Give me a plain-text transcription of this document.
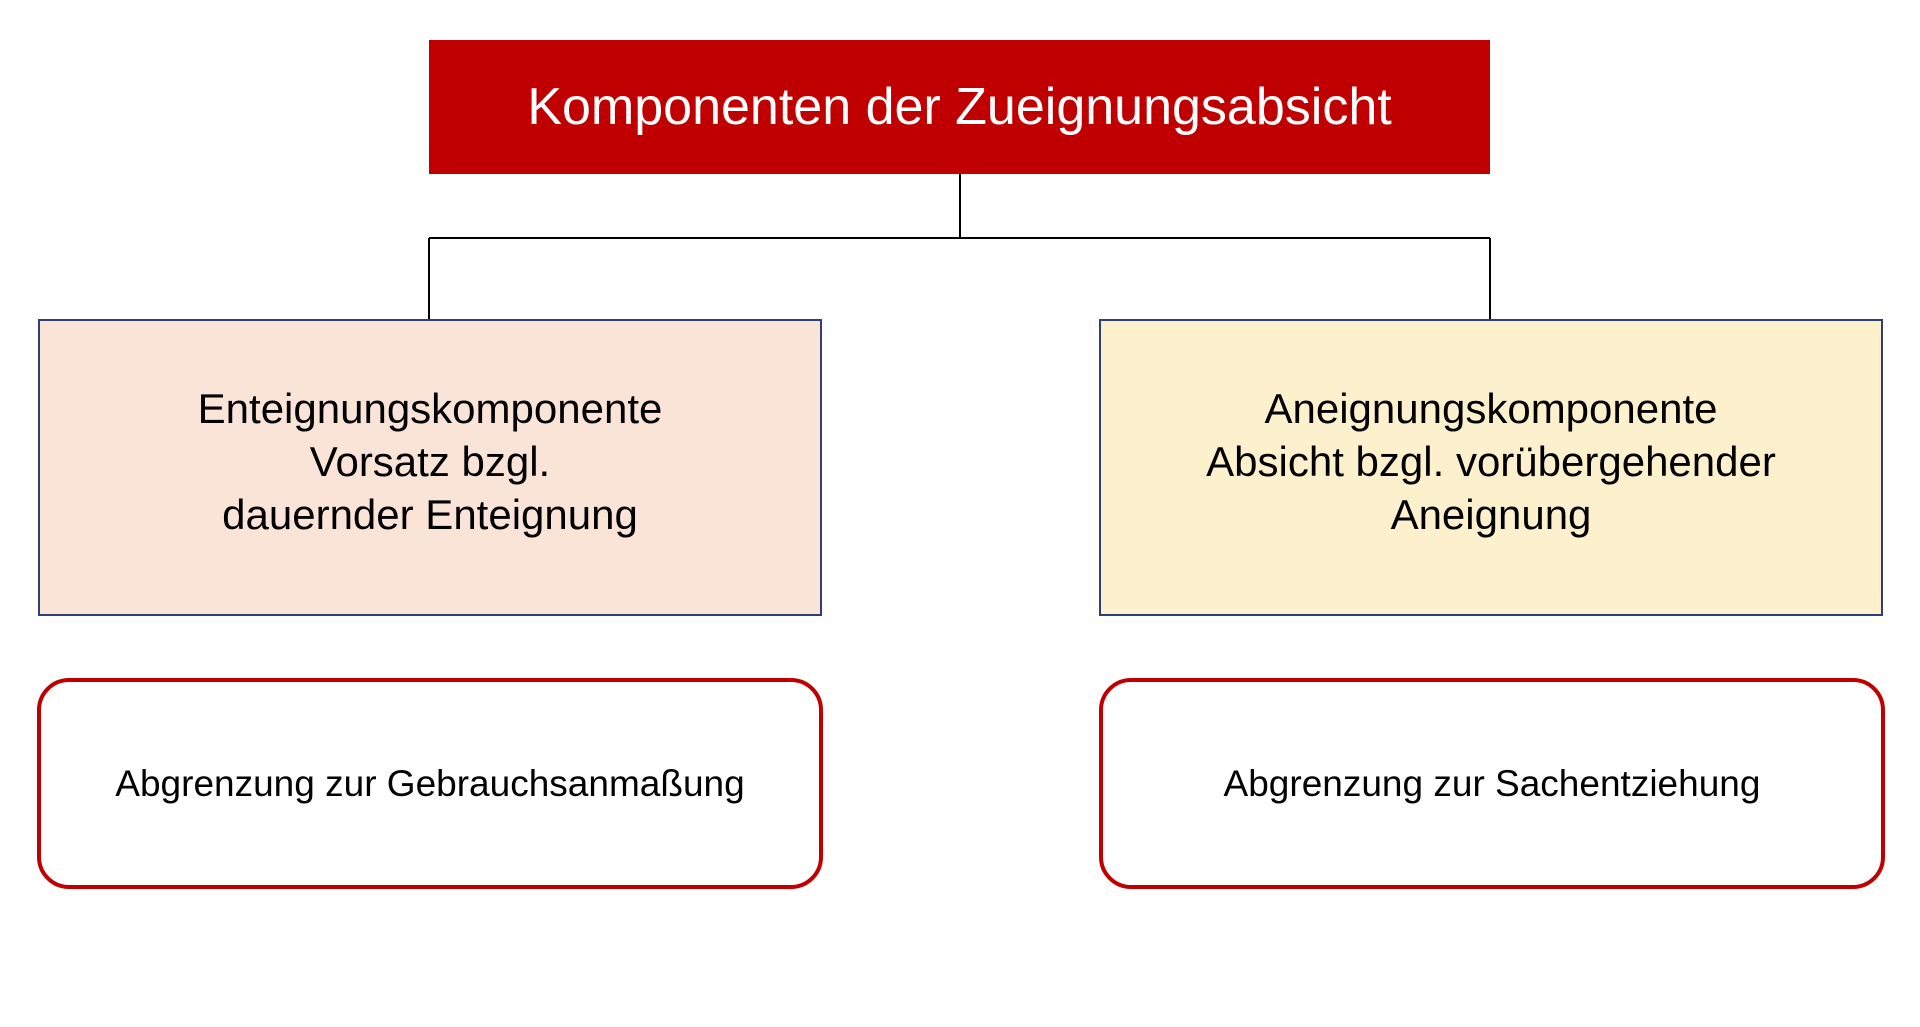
Komponenten der Zueignungsabsicht
Enteignungskomponente
Vorsatz bzgl.
dauernder Enteignung
Aneignungskomponente
Absicht bzgl. vorübergehender
Aneignung
Abgrenzung zur Gebrauchsanmaßung	Abgrenzung zur Sachentziehung
